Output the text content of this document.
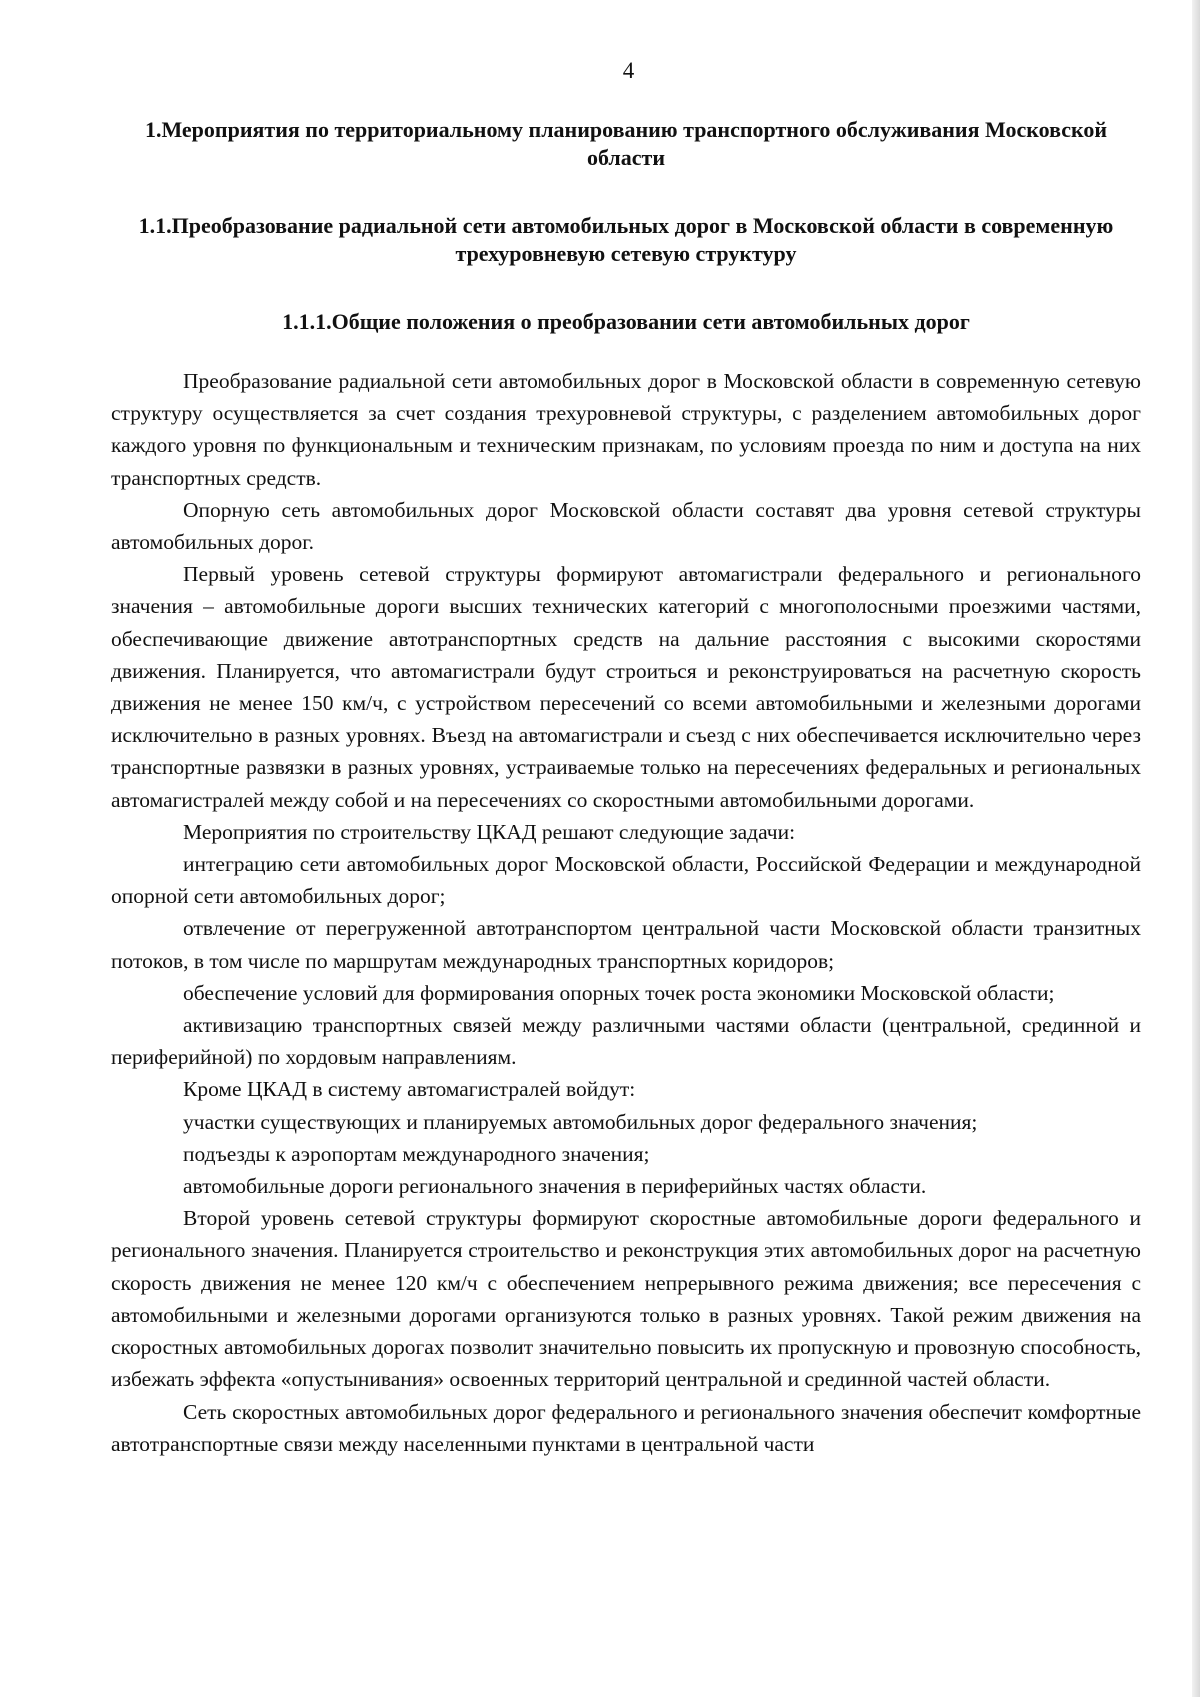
4

1.Мероприятия по территориальному планированию транспортного обслуживания Московской области

1.1.Преобразование радиальной сети автомобильных дорог в Московской области в современную трехуровневую сетевую структуру

1.1.1.Общие положения о преобразовании сети автомобильных дорог

Преобразование радиальной сети автомобильных дорог в Московской области в современную сетевую структуру осуществляется за счет создания трехуровневой структуры, с разделением автомобильных дорог каждого уровня по функциональным и техническим признакам, по условиям проезда по ним и доступа на них транспортных средств.

Опорную сеть автомобильных дорог Московской области составят два уровня сетевой структуры автомобильных дорог.

Первый уровень сетевой структуры формируют автомагистрали федерального и регионального значения – автомобильные дороги высших технических категорий с многополосными проезжими частями, обеспечивающие движение автотранспортных средств на дальние расстояния с высокими скоростями движения. Планируется, что автомагистрали будут строиться и реконструироваться на расчетную скорость движения не менее 150 км/ч, с устройством пересечений со всеми автомобильными и железными дорогами исключительно в разных уровнях. Въезд на автомагистрали и съезд с них обеспечивается исключительно через транспортные развязки в разных уровнях, устраиваемые только на пересечениях федеральных и региональных автомагистралей между собой и на пересечениях со скоростными автомобильными дорогами.

Мероприятия по строительству ЦКАД решают следующие задачи:

интеграцию сети автомобильных дорог Московской области, Российской Федерации и международной опорной сети автомобильных дорог;

отвлечение от перегруженной автотранспортом центральной части Московской области транзитных потоков, в том числе по маршрутам международных транспортных коридоров;

обеспечение условий для формирования опорных точек роста экономики Московской области;

активизацию транспортных связей между различными частями области (центральной, срединной и периферийной) по хордовым направлениям.

Кроме ЦКАД в систему автомагистралей войдут:

участки существующих и планируемых автомобильных дорог федерального значения;

подъезды к аэропортам международного значения;

автомобильные дороги регионального значения в периферийных частях области.

Второй уровень сетевой структуры формируют скоростные автомобильные дороги федерального и регионального значения. Планируется строительство и реконструкция этих автомобильных дорог на расчетную скорость движения не менее 120 км/ч с обеспечением непрерывного режима движения; все пересечения с автомобильными и железными дорогами организуются только в разных уровнях. Такой режим движения на скоростных автомобильных дорогах позволит значительно повысить их пропускную и провозную способность, избежать эффекта «опустынивания» освоенных территорий центральной и срединной частей области.

Сеть скоростных автомобильных дорог федерального и регионального значения обеспечит комфортные автотранспортные связи между населенными пунктами в центральной части
